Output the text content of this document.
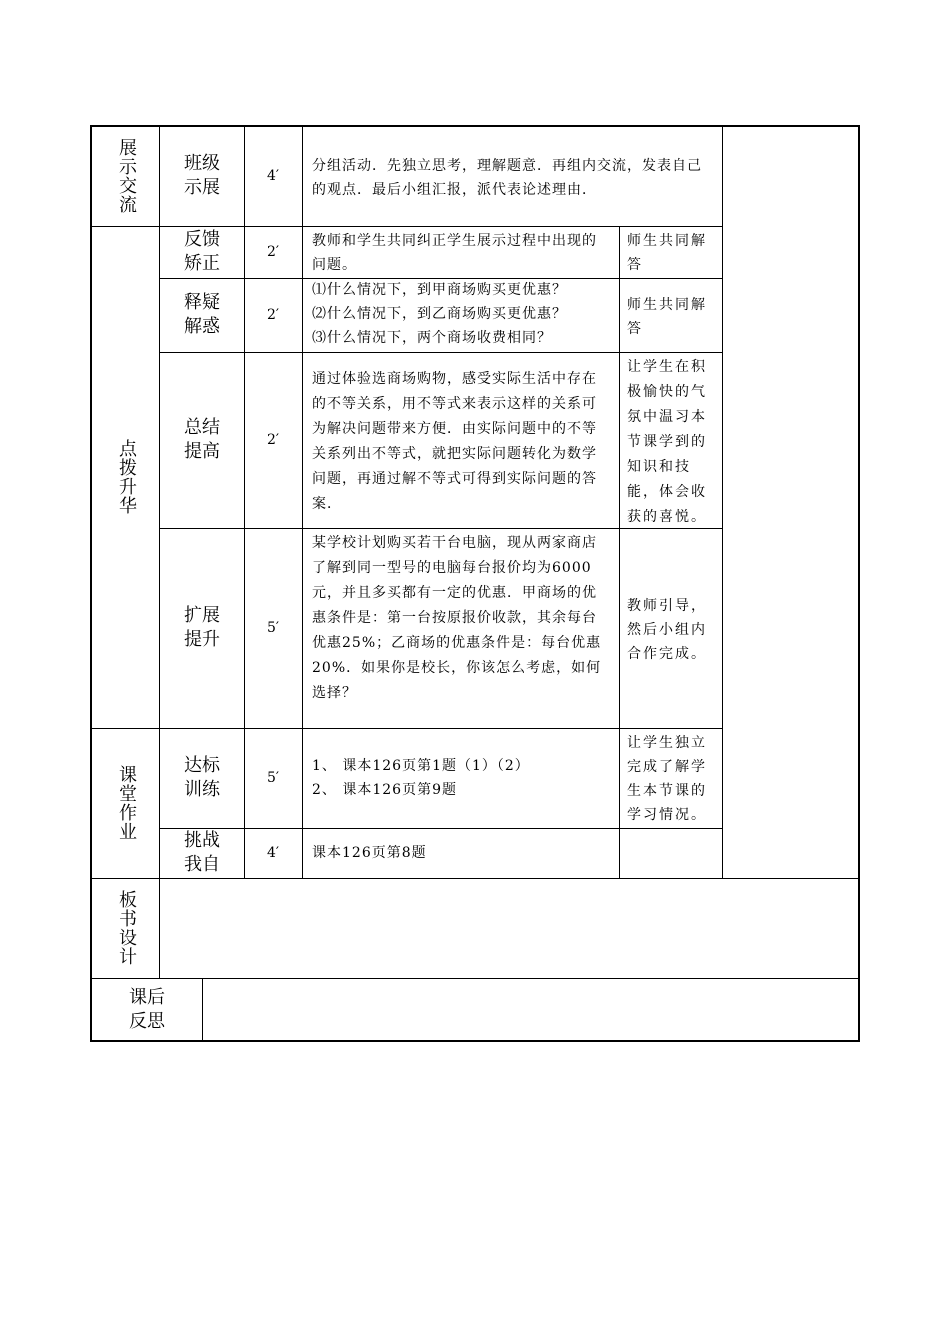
展示交流	班级
示展
4′
分组活动．先独立思考，理解题意．再组内交流，发表自己的观点．最后小组汇报，派代表论述理由．
点拨升华
反馈
矫正
2′
教师和学生共同纠正学生展示过程中出现的问题。
师生共同解答
释疑
解惑
2′
⑴什么情况下，到甲商场购买更优惠？
⑵什么情况下，到乙商场购买更优惠？
⑶什么情况下，两个商场收费相同？
师生共同解答
总结
提高
2′
通过体验选商场购物，感受实际生活中存在的不等关系，用不等式来表示这样的关系可为解决问题带来方便．由实际问题中的不等关系列出不等式，就把实际问题转化为数学问题，再通过解不等式可得到实际问题的答案．
让学生在积极愉快的气氛中温习本节课学到的知识和技能，体会收获的喜悦。
扩展
提升
5′
某学校计划购买若干台电脑，现从两家商店了解到同一型号的电脑每台报价均为6000元，并且多买都有一定的优惠．甲商场的优惠条件是：第一台按原报价收款，其余每台优惠25%；乙商场的优惠条件是：每台优惠20%．如果你是校长，你该怎么考虑，如何选择？
教师引导，然后小组内合作完成。
课堂作业	达标
训练
5′
1、 课本126页第1题（1）（2）
2、 课本126页第9题
让学生独立完成了解学生本节课的学习情况。
挑战
我自
4′ 课本126页第8题
板书设计
课后
反思
